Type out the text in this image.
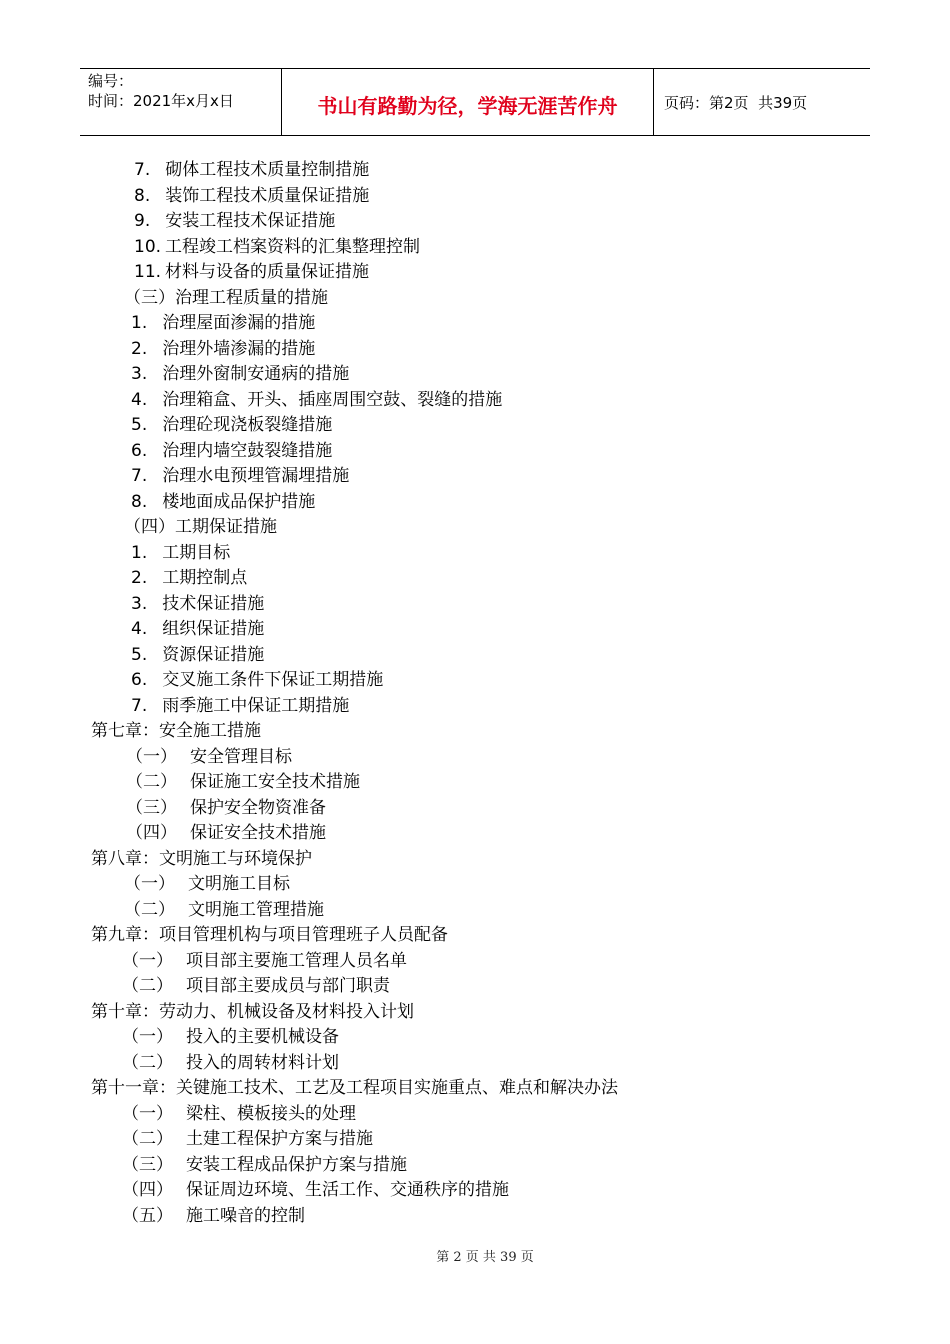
编号：
时间：2021年x月x日	书山有路勤为径，学海无涯苦作舟	页码：第2页  共39页
7. 砌体工程技术质量控制措施
8. 装饰工程技术质量保证措施
9. 安装工程技术保证措施
10. 工程竣工档案资料的汇集整理控制
11. 材料与设备的质量保证措施
（三）治理工程质量的措施
1. 治理屋面渗漏的措施
2. 治理外墙渗漏的措施
3. 治理外窗制安通病的措施
4. 治理箱盒、开头、插座周围空鼓、裂缝的措施
5. 治理砼现浇板裂缝措施
6. 治理内墙空鼓裂缝措施
7. 治理水电预埋管漏埋措施
8. 楼地面成品保护措施
（四）工期保证措施
1. 工期目标
2. 工期控制点
3. 技术保证措施
4. 组织保证措施
5. 资源保证措施
6. 交叉施工条件下保证工期措施
7. 雨季施工中保证工期措施
第七章：安全施工措施
（一） 安全管理目标
（二） 保证施工安全技术措施
（三） 保护安全物资准备
（四） 保证安全技术措施
第八章：文明施工与环境保护
（一） 文明施工目标
（二） 文明施工管理措施
第九章：项目管理机构与项目管理班子人员配备
（一） 项目部主要施工管理人员名单
（二） 项目部主要成员与部门职责
第十章：劳动力、机械设备及材料投入计划
（一） 投入的主要机械设备
（二） 投入的周转材料计划
第十一章：关键施工技术、工艺及工程项目实施重点、难点和解决办法
（一） 梁柱、模板接头的处理
（二） 土建工程保护方案与措施
（三） 安装工程成品保护方案与措施
（四） 保证周边环境、生活工作、交通秩序的措施
（五） 施工噪音的控制
第 2 页 共 39 页
